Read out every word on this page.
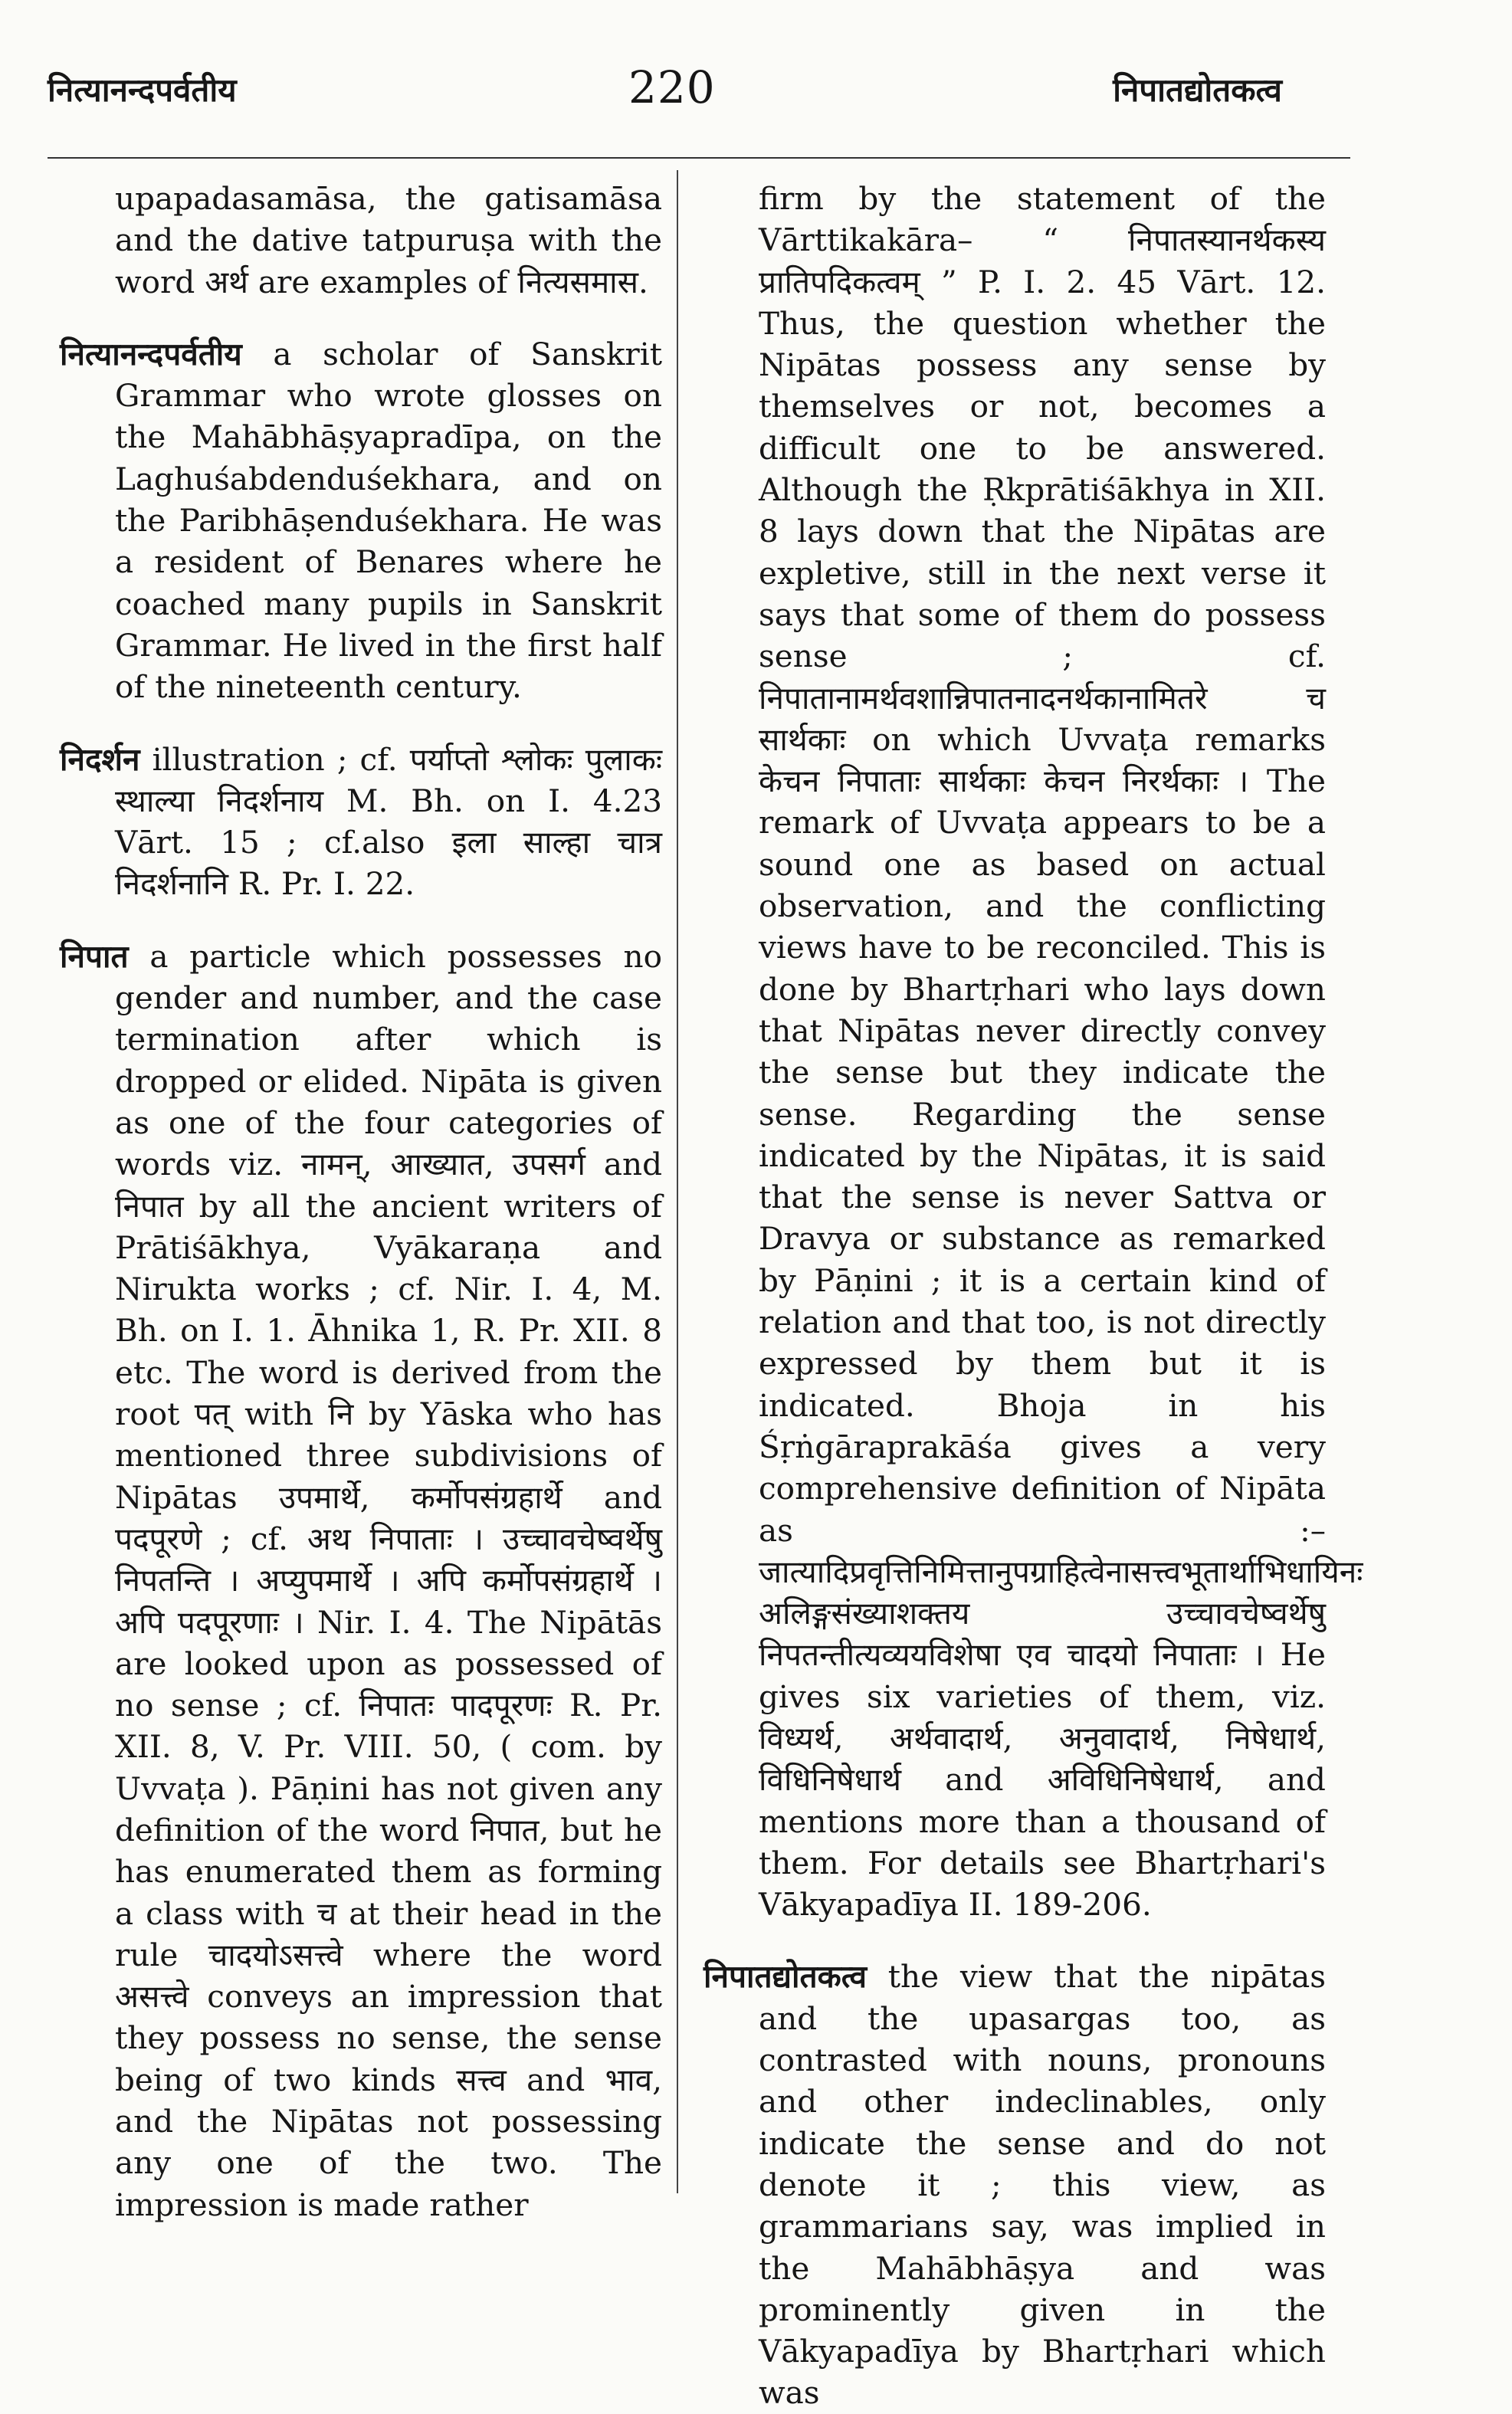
नित्यानन्दपर्वतीय	220	निपातद्योतकत्व

upapadasamāsa, the gatisamāsa and the dative tatpuruṣa with the word अर्थ are examples of नित्यसमास.

नित्यानन्दपर्वतीय a scholar of Sanskrit Grammar who wrote glosses on the Mahābhāṣyapradīpa, on the Laghuśabdenduśekhara, and on the Paribhāṣenduśekhara. He was a resident of Benares where he coached many pupils in Sanskrit Grammar. He lived in the first half of the nineteenth century.

निदर्शन illustration ; cf. पर्याप्तो श्लोकः पुलाकः स्थाल्या निदर्शनाय M. Bh. on I. 4.23 Vārt. 15 ; cf.also इला साल्हा चात्र निदर्शनानि R. Pr. I. 22.

निपात a particle which possesses no gender and number, and the case termination after which is dropped or elided. Nipāta is given as one of the four categories of words viz. नामन्, आख्यात, उपसर्ग and निपात by all the ancient writers of Prātiśākhya, Vyākaraṇa and Nirukta works ; cf. Nir. I. 4, M. Bh. on I. 1. Āhnika 1, R. Pr. XII. 8 etc. The word is derived from the root पत् with नि by Yāska who has mentioned three subdivisions of Nipātas उपमार्थे, कर्मोपसंग्रहार्थे and पदपूरणे ; cf. अथ निपाताः । उच्चावचेष्वर्थेषु निपतन्ति । अप्युपमार्थे । अपि कर्मोपसंग्रहार्थे । अपि पदपूरणाः । Nir. I. 4. The Nipātās are looked upon as possessed of no sense ; cf. निपातः पादपूरणः R. Pr. XII. 8, V. Pr. VIII. 50, ( com. by Uvvaṭa ). Pāṇini has not given any definition of the word निपात, but he has enumerated them as forming a class with च at their head in the rule चादयोऽसत्त्वे where the word असत्त्वे conveys an impression that they possess no sense, the sense being of two kinds सत्त्व and भाव, and the Nipātas not possessing any one of the two. The impression is made rather

firm by the statement of the Vārttikakāra– “ निपातस्यानर्थकस्य प्रातिपदिकत्वम् ” P. I. 2. 45 Vārt. 12. Thus, the question whether the Nipātas possess any sense by themselves or not, becomes a difficult one to be answered. Although the Ṛkprātiśākhya in XII. 8 lays down that the Nipātas are expletive, still in the next verse it says that some of them do possess sense ; cf. निपातानामर्थवशान्निपातनादनर्थकानामितरे च सार्थकाः on which Uvvaṭa remarks केचन निपाताः सार्थकाः केचन निरर्थकाः । The remark of Uvvaṭa appears to be a sound one as based on actual observation, and the conflicting views have to be reconciled. This is done by Bhartṛhari who lays down that Nipātas never directly convey the sense but they indicate the sense. Regarding the sense indicated by the Nipātas, it is said that the sense is never Sattva or Dravya or substance as remarked by Pāṇini ; it is a certain kind of relation and that too, is not directly expressed by them but it is indicated. Bhoja in his Śṛṅgāraprakāśa gives a very comprehensive definition of Nipāta as :–जात्यादिप्रवृत्तिनिमित्तानुपग्राहित्वेनासत्त्वभूतार्थाभिधायिनः अलिङ्गसंख्याशक्तय उच्चावचेष्वर्थेषु निपतन्तीत्यव्ययविशेषा एव चादयो निपाताः । He gives six varieties of them, viz. विध्यर्थ, अर्थवादार्थ, अनुवादार्थ, निषेधार्थ, विधिनिषेधार्थ and अविधिनिषेधार्थ, and mentions more than a thousand of them. For details see Bhartṛhari's Vākyapadīya II. 189-206.

निपातद्योतकत्व the view that the nipātas and the upasargas too, as contrasted with nouns, pronouns and other indeclinables, only indicate the sense and do not denote it ; this view, as grammarians say, was implied in the Mahābhāṣya and was prominently given in the Vākyapadīya by Bhartṛhari which was
